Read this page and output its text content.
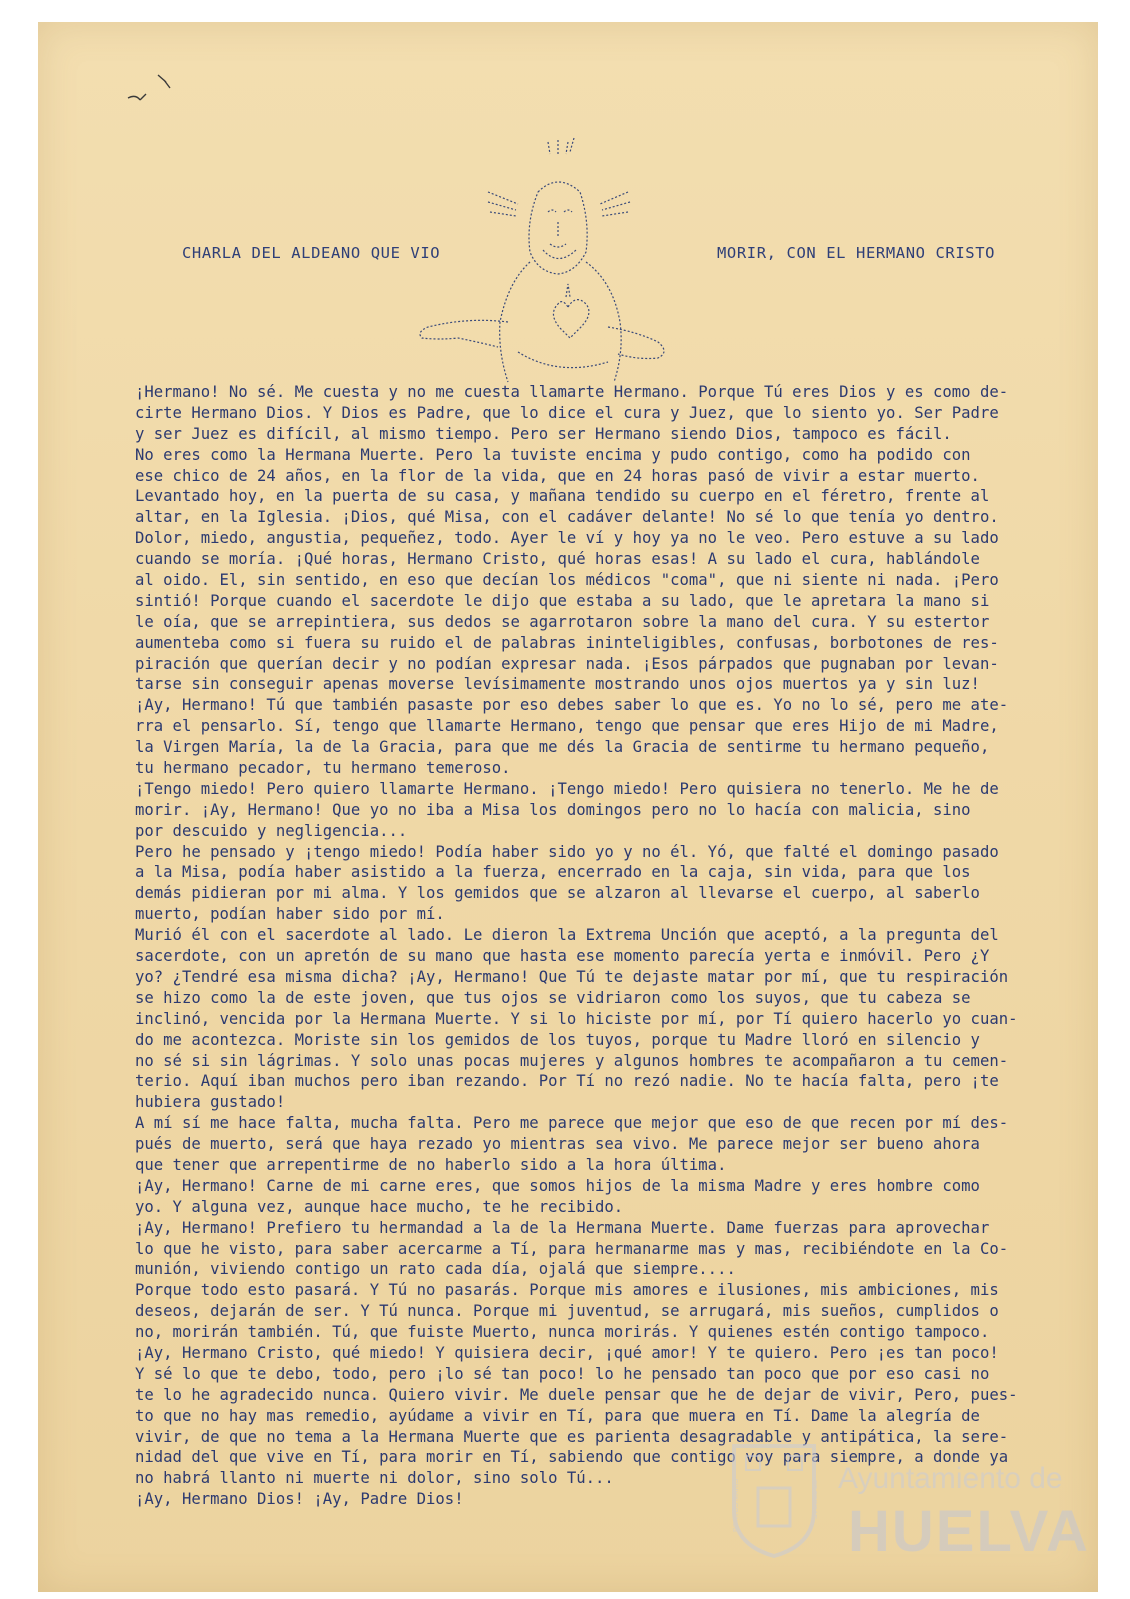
CHARLA DEL ALDEANO QUE VIO	MORIR, CON EL HERMANO CRISTO
¡Hermano! No sé. Me cuesta y no me cuesta llamarte Hermano. Porque Tú eres Dios y es como de-
cirte Hermano Dios. Y Dios es Padre, que lo dice el cura y Juez, que lo siento yo. Ser Padre
y ser Juez es difícil, al mismo tiempo. Pero ser Hermano siendo Dios, tampoco es fácil.
No eres como la Hermana Muerte. Pero la tuviste encima y pudo contigo, como ha podido con
ese chico de 24 años, en la flor de la vida, que en 24 horas pasó de vivir a estar muerto.
Levantado hoy, en la puerta de su casa, y mañana tendido su cuerpo en el féretro, frente al
altar, en la Iglesia. ¡Dios, qué Misa, con el cadáver delante! No sé lo que tenía yo dentro.
Dolor, miedo, angustia, pequeñez, todo. Ayer le ví y hoy ya no le veo. Pero estuve a su lado
cuando se moría. ¡Qué horas, Hermano Cristo, qué horas esas! A su lado el cura, hablándole
al oido. El, sin sentido, en eso que decían los médicos "coma", que ni siente ni nada. ¡Pero
sintió! Porque cuando el sacerdote le dijo que estaba a su lado, que le apretara la mano si
le oía, que se arrepintiera, sus dedos se agarrotaron sobre la mano del cura. Y su estertor
aumenteba como si fuera su ruido el de palabras ininteligibles, confusas, borbotones de res-
piración que querían decir y no podían expresar nada. ¡Esos párpados que pugnaban por levan-
tarse sin conseguir apenas moverse levísimamente mostrando unos ojos muertos ya y sin luz!
¡Ay, Hermano! Tú que también pasaste por eso debes saber lo que es. Yo no lo sé, pero me ate-
rra el pensarlo. Sí, tengo que llamarte Hermano, tengo que pensar que eres Hijo de mi Madre,
la Virgen María, la de la Gracia, para que me dés la Gracia de sentirme tu hermano pequeño,
tu hermano pecador, tu hermano temeroso.
¡Tengo miedo! Pero quiero llamarte Hermano. ¡Tengo miedo! Pero quisiera no tenerlo. Me he de
morir. ¡Ay, Hermano! Que yo no iba a Misa los domingos pero no lo hacía con malicia, sino
por descuido y negligencia...
Pero he pensado y ¡tengo miedo! Podía haber sido yo y no él. Yó, que falté el domingo pasado
a la Misa, podía haber asistido a la fuerza, encerrado en la caja, sin vida, para que los
demás pidieran por mi alma. Y los gemidos que se alzaron al llevarse el cuerpo, al saberlo
muerto, podían haber sido por mí.
Murió él con el sacerdote al lado. Le dieron la Extrema Unción que aceptó, a la pregunta del
sacerdote, con un apretón de su mano que hasta ese momento parecía yerta e inmóvil. Pero ¿Y
yo? ¿Tendré esa misma dicha? ¡Ay, Hermano! Que Tú te dejaste matar por mí, que tu respiración
se hizo como la de este joven, que tus ojos se vidriaron como los suyos, que tu cabeza se
inclinó, vencida por la Hermana Muerte. Y si lo hiciste por mí, por Tí quiero hacerlo yo cuan-
do me acontezca. Moriste sin los gemidos de los tuyos, porque tu Madre lloró en silencio y
no sé si sin lágrimas. Y solo unas pocas mujeres y algunos hombres te acompañaron a tu cemen-
terio. Aquí iban muchos pero iban rezando. Por Tí no rezó nadie. No te hacía falta, pero ¡te
hubiera gustado!
A mí sí me hace falta, mucha falta. Pero me parece que mejor que eso de que recen por mí des-
pués de muerto, será que haya rezado yo mientras sea vivo. Me parece mejor ser bueno ahora
que tener que arrepentirme de no haberlo sido a la hora última.
¡Ay, Hermano! Carne de mi carne eres, que somos hijos de la misma Madre y eres hombre como
yo. Y alguna vez, aunque hace mucho, te he recibido.
¡Ay, Hermano! Prefiero tu hermandad a la de la Hermana Muerte. Dame fuerzas para aprovechar
lo que he visto, para saber acercarme a Tí, para hermanarme mas y mas, recibiéndote en la Co-
munión, viviendo contigo un rato cada día, ojalá que siempre....
Porque todo esto pasará. Y Tú no pasarás. Porque mis amores e ilusiones, mis ambiciones, mis
deseos, dejarán de ser. Y Tú nunca. Porque mi juventud, se arrugará, mis sueños, cumplidos o
no, morirán también. Tú, que fuiste Muerto, nunca morirás. Y quienes estén contigo tampoco.
¡Ay, Hermano Cristo, qué miedo! Y quisiera decir, ¡qué amor! Y te quiero. Pero ¡es tan poco!
Y sé lo que te debo, todo, pero ¡lo sé tan poco! lo he pensado tan poco que por eso casi no
te lo he agradecido nunca. Quiero vivir. Me duele pensar que he de dejar de vivir, Pero, pues-
to que no hay mas remedio, ayúdame a vivir en Tí, para que muera en Tí. Dame la alegría de
vivir, de que no tema a la Hermana Muerte que es parienta desagradable y antipática, la sere-
nidad del que vive en Tí, para morir en Tí, sabiendo que contigo voy para siempre, a donde ya
no habrá llanto ni muerte ni dolor, sino solo Tú...
¡Ay, Hermano Dios! ¡Ay, Padre Dios!	PORTUS MARIS	ET TERRAE
Ayuntamiento de
HUELVA
